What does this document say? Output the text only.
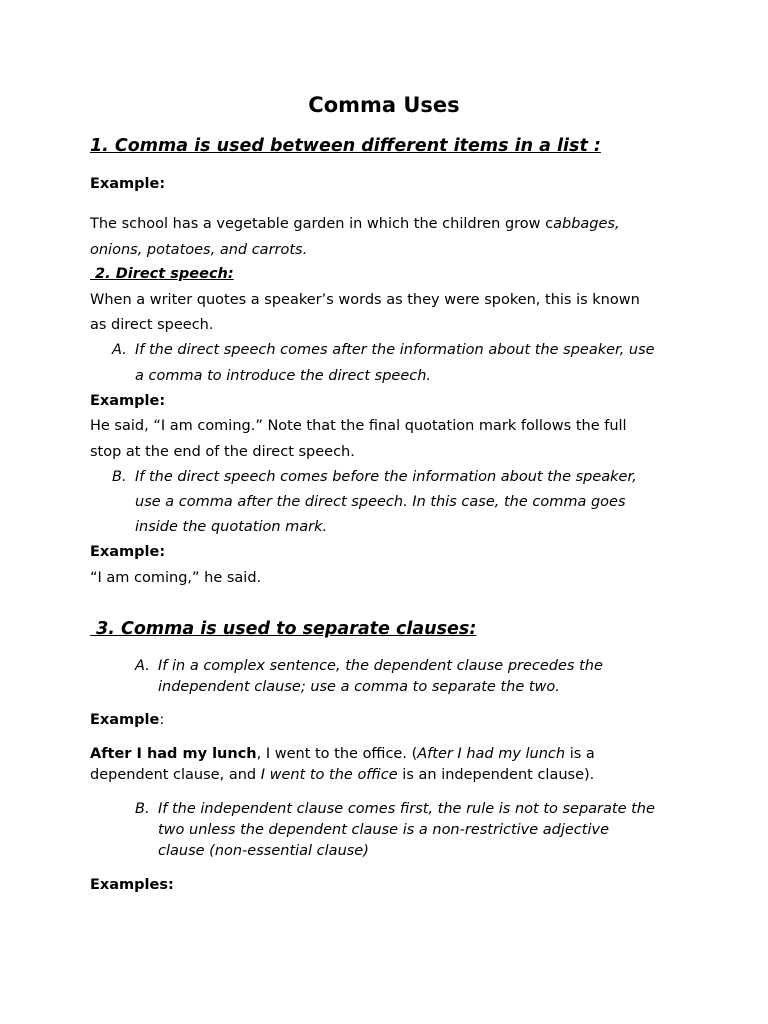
Comma Uses
1. Comma is used between different items in a list :
Example:
The school has a vegetable garden in which the children grow cabbages,
onions, potatoes, and carrots.
2. Direct speech:
When a writer quotes a speaker’s words as they were spoken, this is known
as direct speech.
A. If the direct speech comes after the information about the speaker, use
a comma to introduce the direct speech.
Example:
He said, “I am coming.” Note that the final quotation mark follows the full
stop at the end of the direct speech.
B. If the direct speech comes before the information about the speaker,
use a comma after the direct speech. In this case, the comma goes
inside the quotation mark.
Example:
“I am coming,” he said.
3. Comma is used to separate clauses:
A. If in a complex sentence, the dependent clause precedes the
independent clause; use a comma to separate the two.
Example:
After I had my lunch, I went to the office. (After I had my lunch is a
dependent clause, and I went to the office is an independent clause).
B. If the independent clause comes first, the rule is not to separate the
two unless the dependent clause is a non-restrictive adjective
clause (non-essential clause)
Examples:
